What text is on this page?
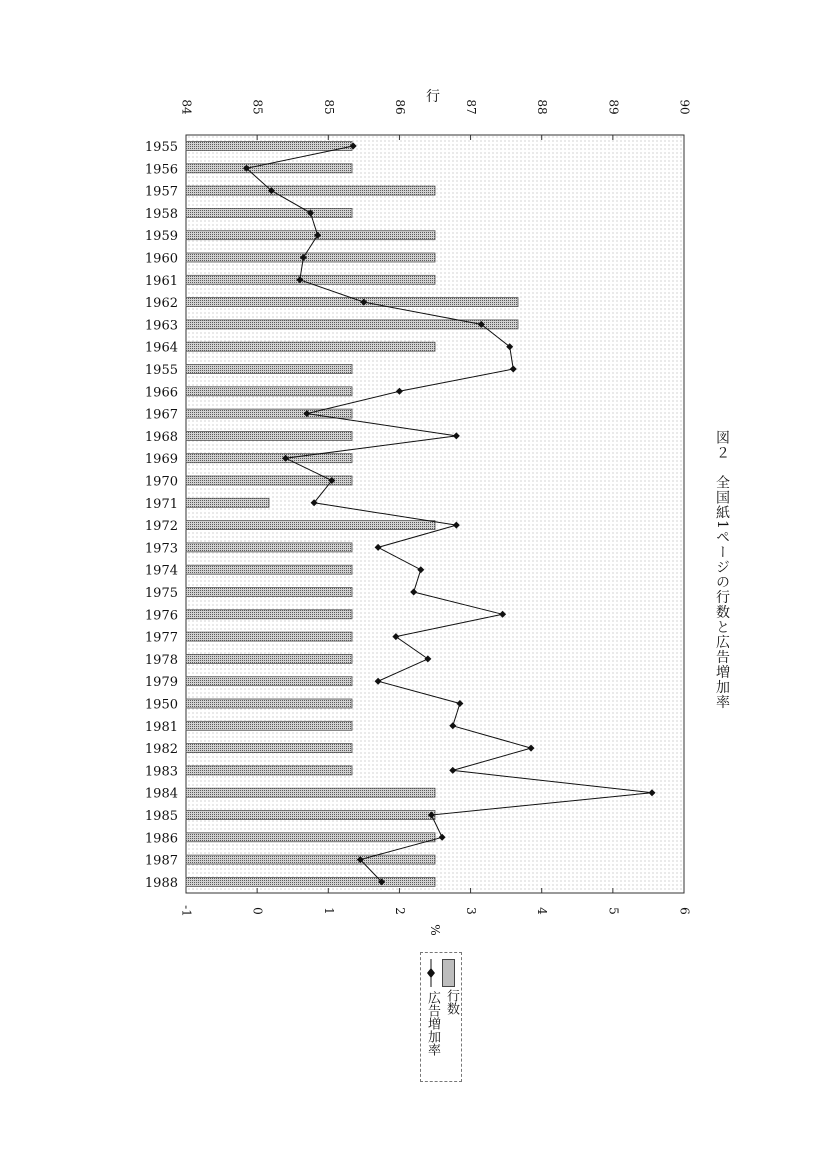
84	85	85	86	87	88	89	90
-1	0	1	2	3	4	5	6
1955
1956
1957
1958
1959
1960
1961
1962
1963
1964
1955
1966
1967
1968
1969
1970
1971
1972
1973
1974
1975
1976
1977
1978
1979
1950
1981
1982
1983
1984
1985
1986
1987
1988
行
%
図２　全国紙1ページの行数と広告増加率
行数
広告増加率
